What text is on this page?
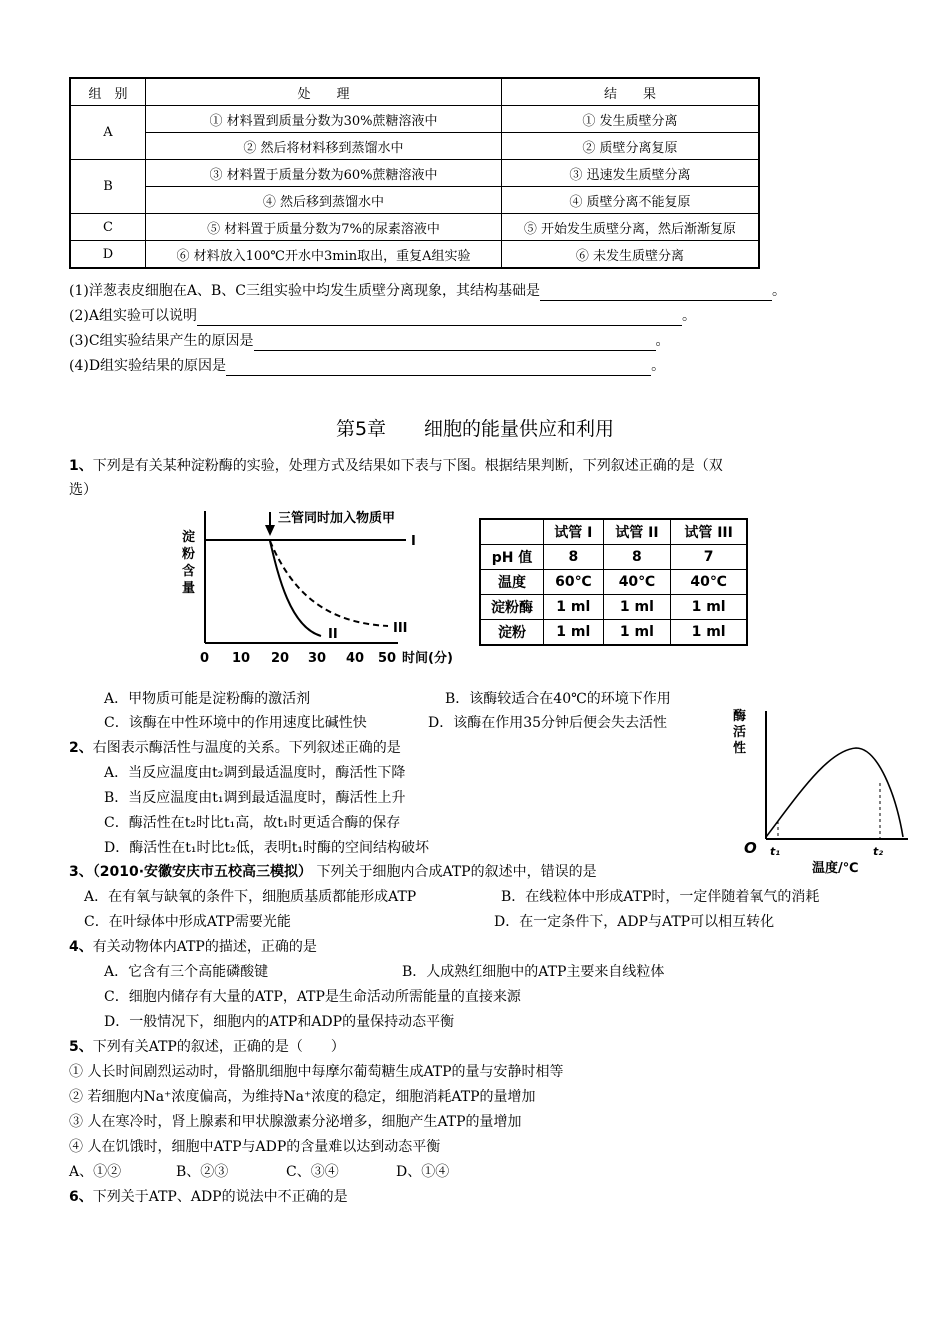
组　别	处　　理	结　　果
A	① 材料置到质量分数为30%蔗糖溶液中	① 发生质壁分离
	② 然后将材料移到蒸馏水中	② 质壁分离复原
B	③ 材料置于质量分数为60%蔗糖溶液中	③ 迅速发生质壁分离
	④ 然后移到蒸馏水中	④ 质壁分离不能复原
C	⑤ 材料置于质量分数为7%的尿素溶液中	⑤ 开始发生质壁分离，然后渐渐复原
D	⑥ 材料放入100℃开水中3min取出，重复A组实验	⑥ 未发生质壁分离
(1)洋葱表皮细胞在A、B、C三组实验中均发生质壁分离现象，其结构基础是	。
(2)A组实验可以说明	。
(3)C组实验结果产生的原因是	。
(4)D组实验结果的原因是	。
第5章　　细胞的能量供应和利用
1、下列是有关某种淀粉酶的实验，处理方式及结果如下表与下图。根据结果判断，下列叙述正确的是（双
选）
淀
粉
含
量
三管同时加入物质甲
I
II	III
0 10 20 30 40 50 时间(分)
	试管 I	试管 II	试管 III
pH 值	8	8	7
温度	60℃	40℃	40℃
淀粉酶	1 ml	1 ml	1 ml
淀粉	1 ml	1 ml	1 ml
A．甲物质可能是淀粉酶的激活剂	B．该酶较适合在40℃的环境下作用
C．该酶在中性环境中的作用速度比碱性快	D．该酶在作用35分钟后便会失去活性
2、右图表示酶活性与温度的关系。下列叙述正确的是
A．当反应温度由t₂调到最适温度时，酶活性下降
B．当反应温度由t₁调到最适温度时，酶活性上升
C．酶活性在t₂时比t₁高，故t₁时更适合酶的保存
D．酶活性在t₁时比t₂低，表明t₁时酶的空间结构破坏
酶
活
性
O t₁	t₂
温度/℃
3、（2010·安徽安庆市五校高三模拟） 下列关于细胞内合成ATP的叙述中，错误的是
A．在有氧与缺氧的条件下，细胞质基质都能形成ATP	B．在线粒体中形成ATP时，一定伴随着氧气的消耗
C．在叶绿体中形成ATP需要光能	D．在一定条件下，ADP与ATP可以相互转化
4、有关动物体内ATP的描述，正确的是
A．它含有三个高能磷酸键	B．人成熟红细胞中的ATP主要来自线粒体
C．细胞内储存有大量的ATP，ATP是生命活动所需能量的直接来源
D．一般情况下，细胞内的ATP和ADP的量保持动态平衡
5、下列有关ATP的叙述，正确的是（　　）
① 人长时间剧烈运动时，骨骼肌细胞中每摩尔葡萄糖生成ATP的量与安静时相等
② 若细胞内Na⁺浓度偏高，为维持Na⁺浓度的稳定，细胞消耗ATP的量增加
③ 人在寒冷时，肾上腺素和甲状腺激素分泌增多，细胞产生ATP的量增加
④ 人在饥饿时，细胞中ATP与ADP的含量难以达到动态平衡
A、①②	B、②③	C、③④	D、①④
6、下列关于ATP、ADP的说法中不正确的是
